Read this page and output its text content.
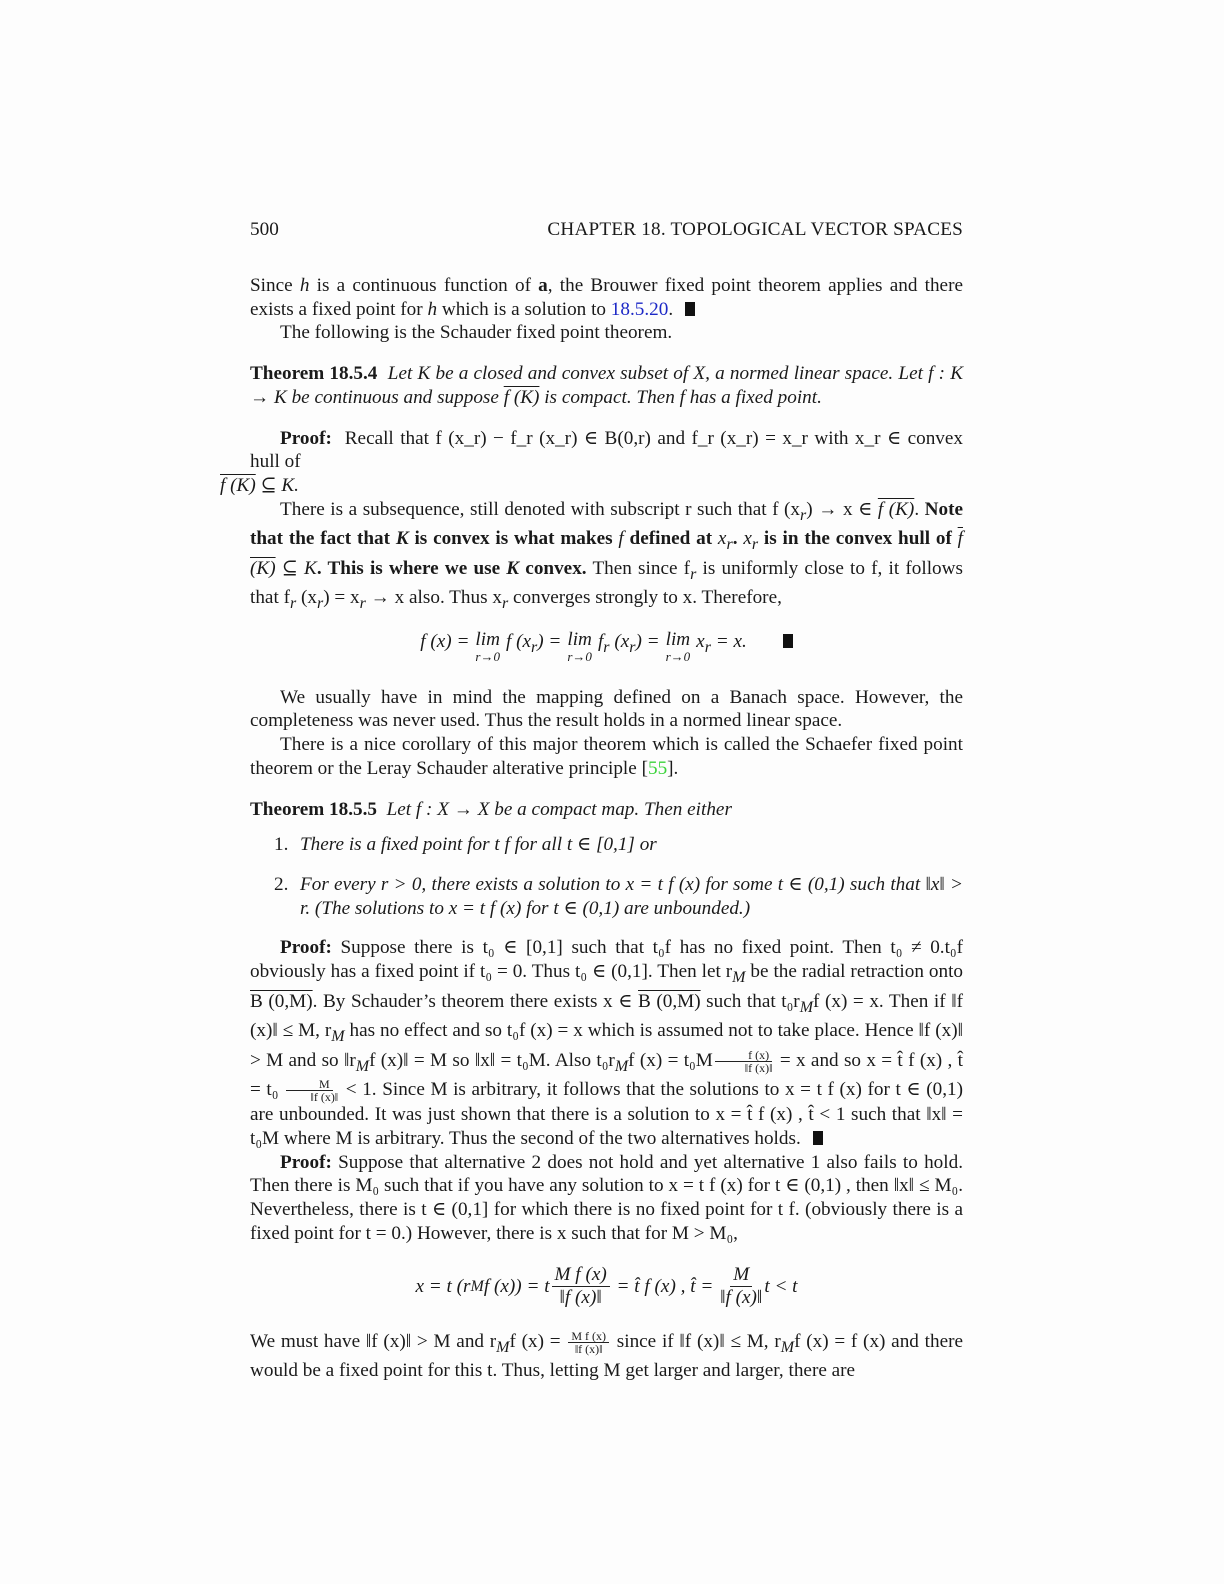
500	CHAPTER 18. TOPOLOGICAL VECTOR SPACES

Since h is a continuous function of a, the Brouwer fixed point theorem applies and there exists a fixed point for h which is a solution to 18.5.20.

The following is the Schauder fixed point theorem.

Theorem 18.5.4 Let K be a closed and convex subset of X, a normed linear space. Let f : K → K be continuous and suppose f (K) is compact. Then f has a fixed point.

Proof: Recall that f (x_r) − f_r (x_r) ∈ B(0,r) and f_r (x_r) = x_r with x_r ∈ convex hull of
f (K) ⊆ K.

There is a subsequence, still denoted with subscript r such that f $(x_r) \to x$ ∈ f (K). Note that the fact that K is convex is what makes f defined at $x_r$. $x_r$ is in the convex hull of f (K) ⊆ K. This is where we use K convex. Then since $f_r$ is uniformly close to f, it follows that $f_r$ $(x_r) = x_r \to x$ also. Thus $x_r$ converges strongly to x. Therefore,

f (x) = lim
r→0
f $(x_r) = \lim$
r→0
$f_r$ $(x_r) = \lim$
r→0
$x_r = x$.

We usually have in mind the mapping defined on a Banach space. However, the completeness was never used. Thus the result holds in a normed linear space.

There is a nice corollary of this major theorem which is called the Schaefer fixed point theorem or the Leray Schauder alterative principle [55].

Theorem 18.5.5 Let f : X → X be a compact map. Then either

1. There is a fixed point for t f for all t ∈ [0,1] or
2. For every r > 0, there exists a solution to x = t f (x) for some t ∈ (0,1) such that ‖x‖ > r. (The solutions to x = t f (x) for t ∈ (0,1) are unbounded.)

Proof: Suppose there is t₀ ∈ [0,1] such that t₀f has no fixed point. Then t₀ ≠ 0.t₀f obviously has a fixed point if t₀ = 0. Thus t₀ ∈ (0,1]. Then let $r_M$ be the radial retraction onto B (0,M). By Schauder’s theorem there exists x ∈ B (0,M) such that $t_0r_Mf$ (x) = x. Then if ‖f (x)‖ ≤ M, $r_M$ has no effect and so t₀f (x) = x which is assumed not to take place. Hence ‖f (x)‖ > M and so $‖r_Mf$ (x)‖ = M so ‖x‖ = t₀M. Also $t_0r_Mf$ $(x) = t_0M \frac{f (x)}{‖f (x)‖} = x$ and so x = t̂ f (x) , t̂ = $t_0 \frac{M}{‖f (x)‖} < 1$. Since M is arbitrary, it follows that the solutions to x = t f (x) for t ∈ (0,1) are unbounded. It was just shown that there is a solution to x = t̂ f (x) , t̂ < 1 such that ‖x‖ = t₀M where M is arbitrary. Thus the second of the two alternatives holds.

Proof: Suppose that alternative 2 does not hold and yet alternative 1 also fails to hold. Then there is M₀ such that if you have any solution to x = t f (x) for t ∈ (0,1) , then ‖x‖ ≤ M₀. Nevertheless, there is t ∈ (0,1] for which there is no fixed point for t f. (obviously there is a fixed point for t = 0.) However, there is x such that for M > M₀,

x = t (r M f (x)) = t $\frac{\text{M f (x)}}{‖f (x)‖}$ = t̂ f (x) , t̂ = $\frac{M}{‖f (x)‖}$ t < t

We must have ‖f (x)‖ > M and $r_Mf$ $(x) = \frac{\text{M f (x)}}{‖f (x)‖}$ since if ‖f (x)‖ ≤ M, $r_Mf$ (x) = f (x) and there would be a fixed point for this t. Thus, letting M get larger and larger, there are
